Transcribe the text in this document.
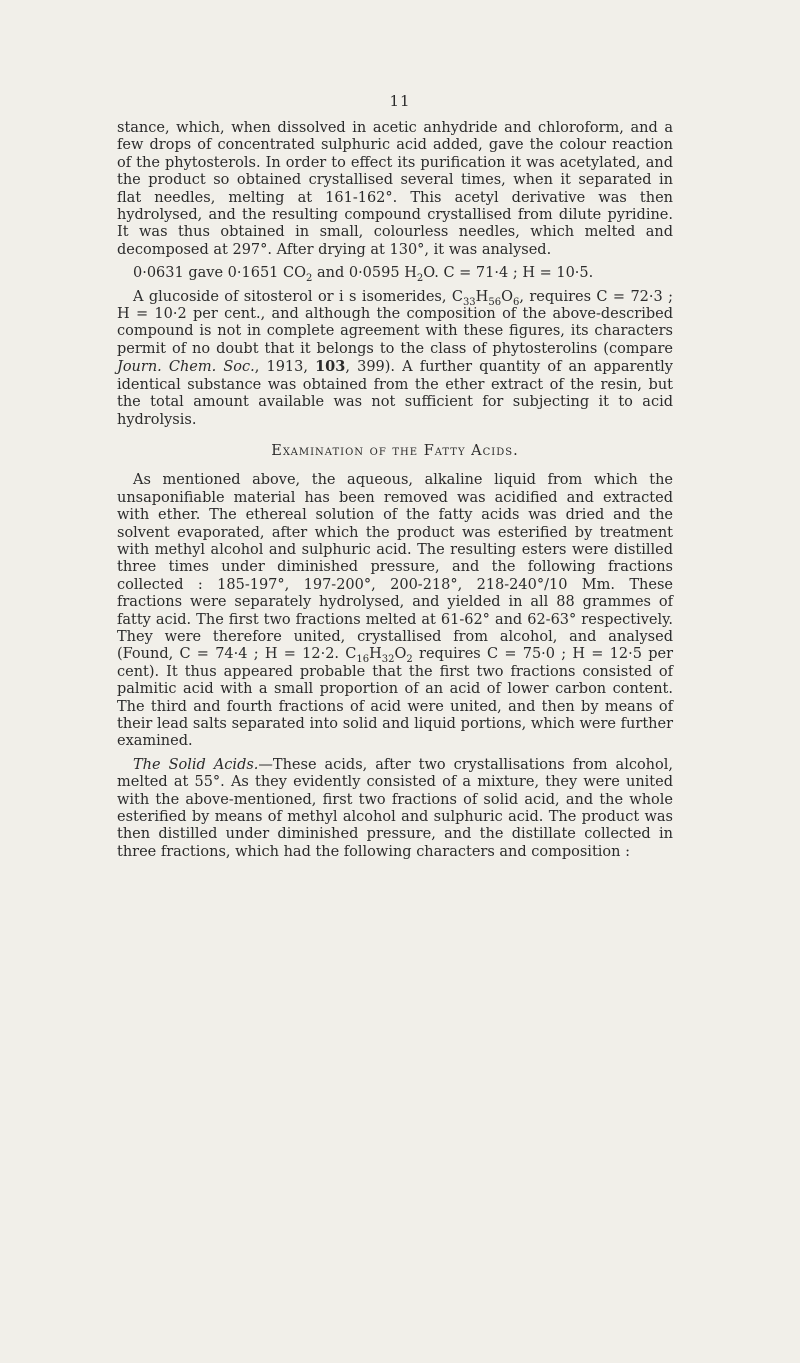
11

stance, which, when dissolved in acetic anhydride and chloroform, and a few drops of concentrated sulphuric acid added, gave the colour reaction of the phytosterols. In order to effect its purification it was acetylated, and the product so obtained crystallised several times, when it separated in flat needles, melting at 161-162°. This acetyl derivative was then hydrolysed, and the resulting compound crystallised from dilute pyridine. It was thus obtained in small, colourless needles, which melted and decomposed at 297°. After drying at 130°, it was analysed.

0·0631 gave 0·1651 $CO_2$ and 0·0595 $H_2O$. C = 71·4 ; H = 10·5.

A glucoside of sitosterol or i s isomerides, $C_{33}H_{56}O_6$, requires C = 72·3 ; H = 10·2 per cent., and although the composition of the above-described compound is not in complete agreement with these figures, its characters permit of no doubt that it belongs to the class of phytosterolins (compare Journ. Chem. Soc., 1913, 103, 399). A further quantity of an apparently identical substance was obtained from the ether extract of the resin, but the total amount available was not sufficient for subjecting it to acid hydrolysis.

Examination of the Fatty Acids.

As mentioned above, the aqueous, alkaline liquid from which the unsaponifiable material has been removed was acidified and extracted with ether. The ethereal solution of the fatty acids was dried and the solvent evaporated, after which the product was esterified by treatment with methyl alcohol and sulphuric acid. The resulting esters were distilled three times under diminished pressure, and the following fractions collected : 185-197°, 197-200°, 200-218°, 218-240°/10 Mm. These fractions were separately hydrolysed, and yielded in all 88 grammes of fatty acid. The first two fractions melted at 61-62° and 62-63° respectively. They were therefore united, crystallised from alcohol, and analysed (Found, C = 74·4 ; H = 12·2. $C_{16}H_{32}O_2$ requires C = 75·0 ; H = 12·5 per cent). It thus appeared probable that the first two fractions consisted of palmitic acid with a small proportion of an acid of lower carbon content. The third and fourth fractions of acid were united, and then by means of their lead salts separated into solid and liquid portions, which were further examined.

The Solid Acids.—These acids, after two crystallisations from alcohol, melted at 55°. As they evidently consisted of a mixture, they were united with the above-mentioned, first two fractions of solid acid, and the whole esterified by means of methyl alcohol and sulphuric acid. The product was then distilled under diminished pressure, and the distillate collected in three fractions, which had the following characters and composition :
